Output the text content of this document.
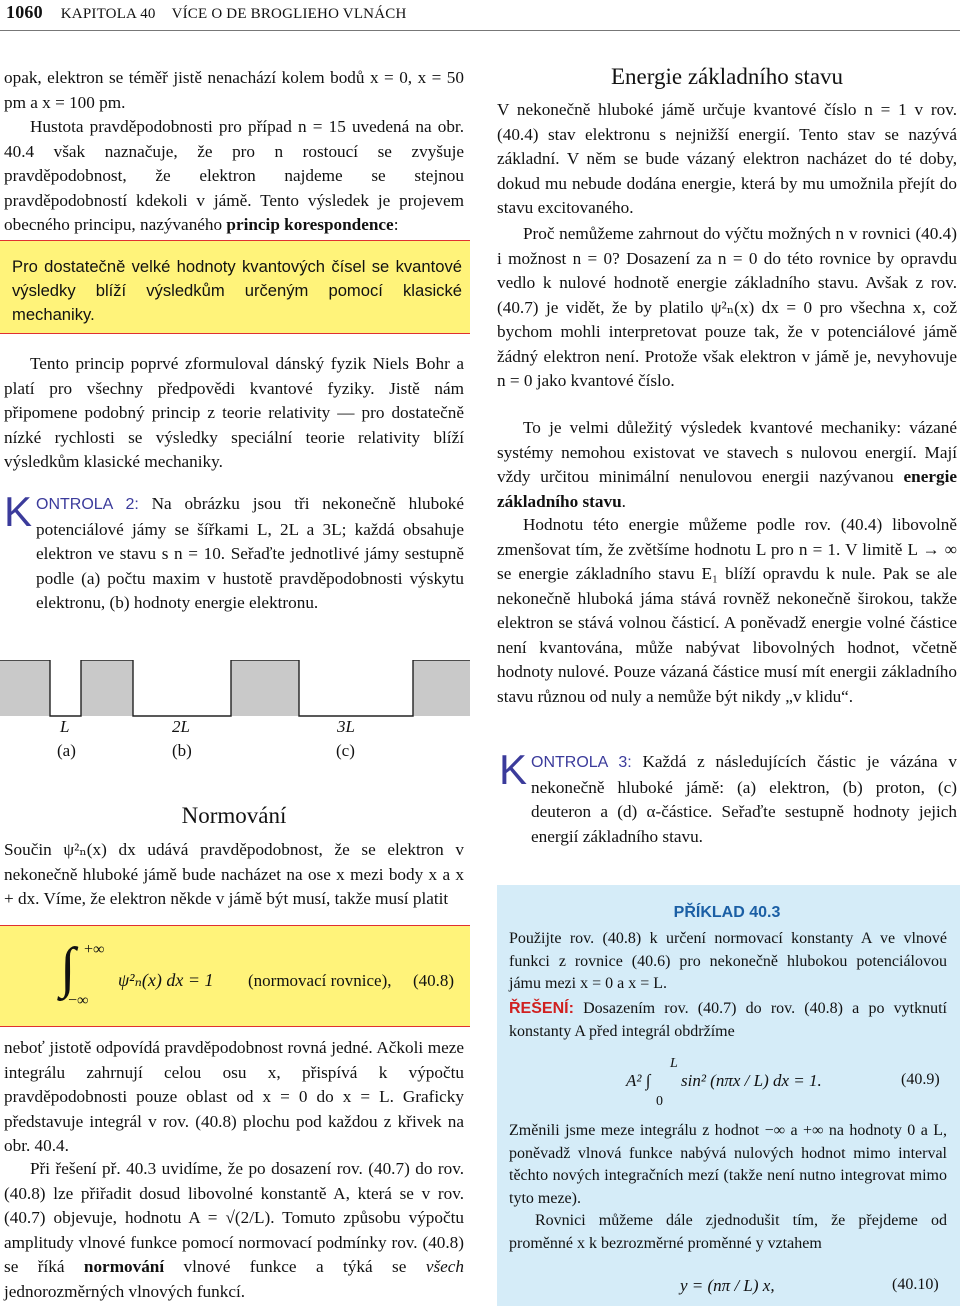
1060 KAPITOLA 40 VÍCE O DE BROGLIEHO VLNÁCH

opak, elektron se téměř jistě nenachází kolem bodů x = 0, x = 50 pm a x = 100 pm.

Hustota pravděpodobnosti pro případ n = 15 uvedená na obr. 40.4 však naznačuje, že pro n rostoucí se zvyšuje pravděpodobnost, že elektron najdeme se stejnou pravděpodobností kdekoli v jámě. Tento výsledek je projevem obecného principu, nazývaného princip korespondence:

Pro dostatečně velké hodnoty kvantových čísel se kvantové výsledky blíží výsledkům určeným pomocí klasické mechaniky.

Tento princip poprvé zformuloval dánský fyzik Niels Bohr a platí pro všechny předpovědi kvantové fyziky. Jistě nám připomene podobný princip z teorie relativity — pro dostatečně nízké rychlosti se výsledky speciální teorie relativity blíží výsledkům klasické mechaniky.

K ONTROLA 2: Na obrázku jsou tři nekonečně hluboké potenciálové jámy se šířkami L, 2L a 3L; každá obsahuje elektron ve stavu s n = 10. Seřaďte jednotlivé jámy sestupně podle (a) počtu maxim v hustotě pravděpodobnosti výskytu elektronu, (b) hodnoty energie elektronu.

L
(a)
2L
(b)
3L
(c)
Normování

Součin ψ²ₙ(x) dx udává pravděpodobnost, že se elektron v nekonečně hluboké jámě bude nacházet na ose x mezi body x a x + dx. Víme, že elektron někde v jámě být musí, takže musí platit

∫ +∞
−∞
ψ²ₙ(x) dx = 1 (normovací rovnice), (40.8)

neboť jistotě odpovídá pravděpodobnost rovná jedné. Ačkoli meze integrálu zahrnují celou osu x, přispívá k výpočtu pravděpodobnosti pouze oblast od x = 0 do x = L. Graficky představuje integrál v rov. (40.8) plochu pod každou z křivek na obr. 40.4.

Při řešení př. 40.3 uvidíme, že po dosazení rov. (40.7) do rov. (40.8) lze přiřadit dosud libovolné konstantě A, která se v rov. (40.7) objevuje, hodnotu A = √(2/L). Tomuto způsobu výpočtu amplitudy vlnové funkce pomocí normovací podmínky rov. (40.8) se říká normování vlnové funkce a týká se všech jednorozměrných vlnových funkcí.

Energie základního stavu

V nekonečně hluboké jámě určuje kvantové číslo n = 1 v rov. (40.4) stav elektronu s nejnižší energií. Tento stav se nazývá základní. V něm se bude vázaný elektron nacházet do té doby, dokud mu nebude dodána energie, která by mu umožnila přejít do stavu excitovaného.

Proč nemůžeme zahrnout do výčtu možných n v rovnici (40.4) i možnost n = 0? Dosazení za n = 0 do této rovnice by opravdu vedlo k nulové hodnotě energie základního stavu. Avšak z rov. (40.7) je vidět, že by platilo ψ²ₙ(x) dx = 0 pro všechna x, což bychom mohli interpretovat pouze tak, že v potenciálové jámě žádný elektron není. Protože však elektron v jámě je, nevyhovuje n = 0 jako kvantové číslo.

To je velmi důležitý výsledek kvantové mechaniky: vázané systémy nemohou existovat ve stavech s nulovou energií. Mají vždy určitou minimální nenulovou energii nazývanou energie základního stavu.

Hodnotu této energie můžeme podle rov. (40.4) libovolně zmenšovat tím, že zvětšíme hodnotu L pro n = 1. V limitě L → ∞ se energie základního stavu E₁ blíží opravdu k nule. Pak se ale nekonečně hluboká jáma stává rovněž nekonečně širokou, takže elektron se stává volnou částicí. A poněvadž energie volné částice není kvantována, může nabývat libovolných hodnot, včetně hodnoty nulové. Pouze vázaná částice musí mít energii základního stavu různou od nuly a nemůže být nikdy „v klidu“.

K ONTROLA 3: Každá z následujících částic je vázána v nekonečně hluboké jámě: (a) elektron, (b) proton, (c) deuteron a (d) α-částice. Seřaďte sestupně hodnoty jejich energií základního stavu.

PŘÍKLAD 40.3

Použijte rov. (40.8) k určení normovací konstanty A ve vlnové funkci z rovnice (40.6) pro nekonečně hlubokou potenciálovou jámu mezi x = 0 a x = L.

ŘEŠENÍ: Dosazením rov. (40.7) do rov. (40.8) a po vytknutí konstanty A před integrál obdržíme

A² ∫
L
0
sin² (nπx / L) dx = 1.	(40.9)

Změnili jsme meze integrálu z hodnot −∞ a +∞ na hodnoty 0 a L, poněvadž vlnová funkce nabývá nulových hodnot mimo interval těchto nových integračních mezí (takže není nutno integrovat mimo tyto meze).

Rovnici můžeme dále zjednodušit tím, že přejdeme od proměnné x k bezrozměrné proměnné y vztahem

y = (nπ / L) x,	(40.10)
